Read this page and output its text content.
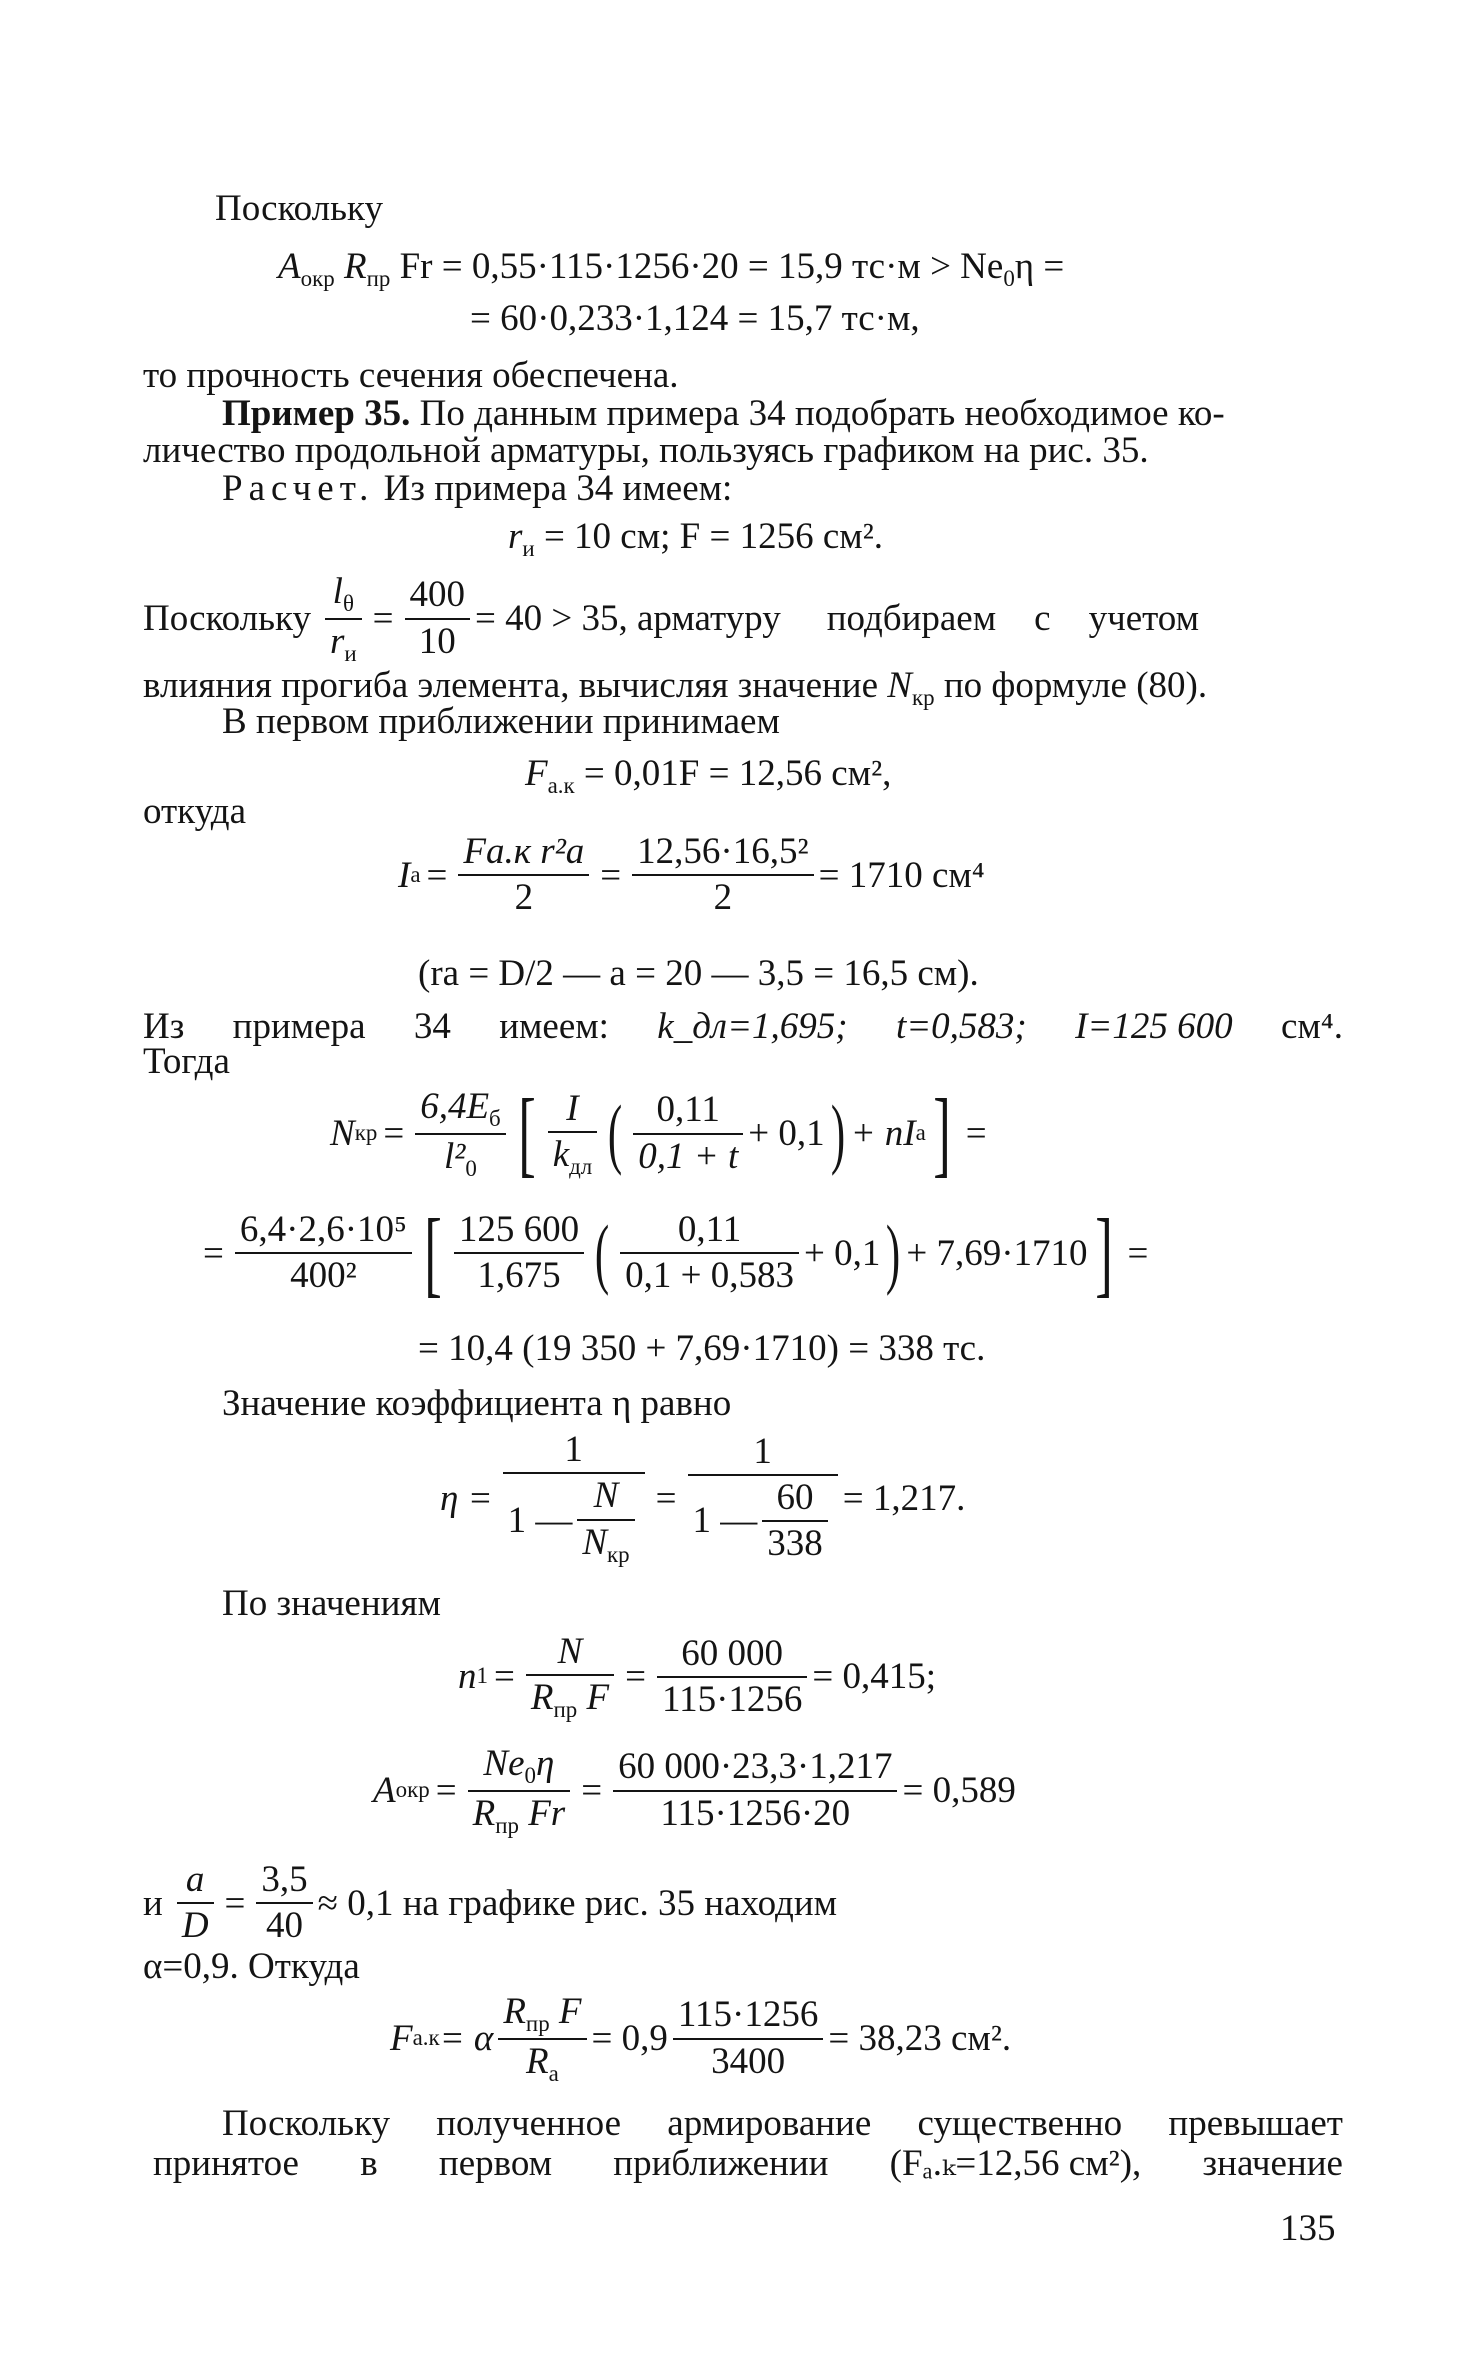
Поскольку
$A_{окр}$ $R_{пр}$ Fr = 0,55·115·1256·20 = 15,9 $тс\cdot м > Ne_0\eta$ =
= 60·0,233·1,124 = 15,7 тс·м,
то прочность сечения обеспечена.
Пример 35. По данным примера 34 подобрать необходимое ко-
личество продольной арматуры, пользуясь графиком на рис. 35.
Расчет. Из примера 34 имеем:
$r_и = 10$ см; F = 1256 см².
Поскольку $\frac{l_\theta}{r_и} = \frac{400}{10} = 40 > 35$, арматуру подбираем с учетом
влияния прогиба элемента, вычисляя значение $N_{кр}$ по формуле (80).
В первом приближении принимаем
$F_{а.к} = 0,01F = 12,56$ см²,
откуда
I $а = \frac{\text{Fа.к r²а}}{2} = \frac{\text{12,56·16,5²}}{2} = 1710$ см⁴
(rа = D/2 — a = 20 — 3,5 = 16,5 см).
Из примера 34 имеем: k_дл=1,695; t=0,583; I=125 600 см⁴.
Тогда
N кр = $\frac{6,4E_б}{l^2_0}$ [ $\frac{I}{k_{дл}}$ ( $\frac{0,11}{0,1 + t} + 0,1$ ) + nI а ] =
= $\frac{\text{6,4·2,6·10⁵}}{\text{400²}}$ [ $\frac{125 600}{1,675}$ ( $\frac{0,11}{0,1 + 0,583} + 0,1$ ) + 7,69·1710 ] =
= 10,4 (19 350 + 7,69·1710) = 338 тс.
Значение коэффициента η равно
$\eta = \frac{1}{1 — \frac{N}{N_{кр}}} = \frac{1}{1 — \frac{60}{338}} = 1,217$.
По значениям
n $1 = \frac{N}{R_{пр} F} = \frac{60 000}{115\cdot 1256} = 0,415$;
A окр = $\frac{Ne_0\eta}{R_{пр} Fr} = \frac{60 000\cdot 23,3\cdot 1,217}{115\cdot 1256\cdot 20} = 0,589$
и $\frac{a}{D} = \frac{3,5}{40} \approx 0,1$ на графике рис. 35 находим
α=0,9. Откуда
F а.к = α $\frac{R_{пр} F}{R_а} = 0,9 \frac{115\cdot 1256}{3400} = 38,23$ см².
Поскольку полученное армирование существенно превышает
принятое в первом приближении (Fₐ.ₖ=12,56 см²), значение
135
